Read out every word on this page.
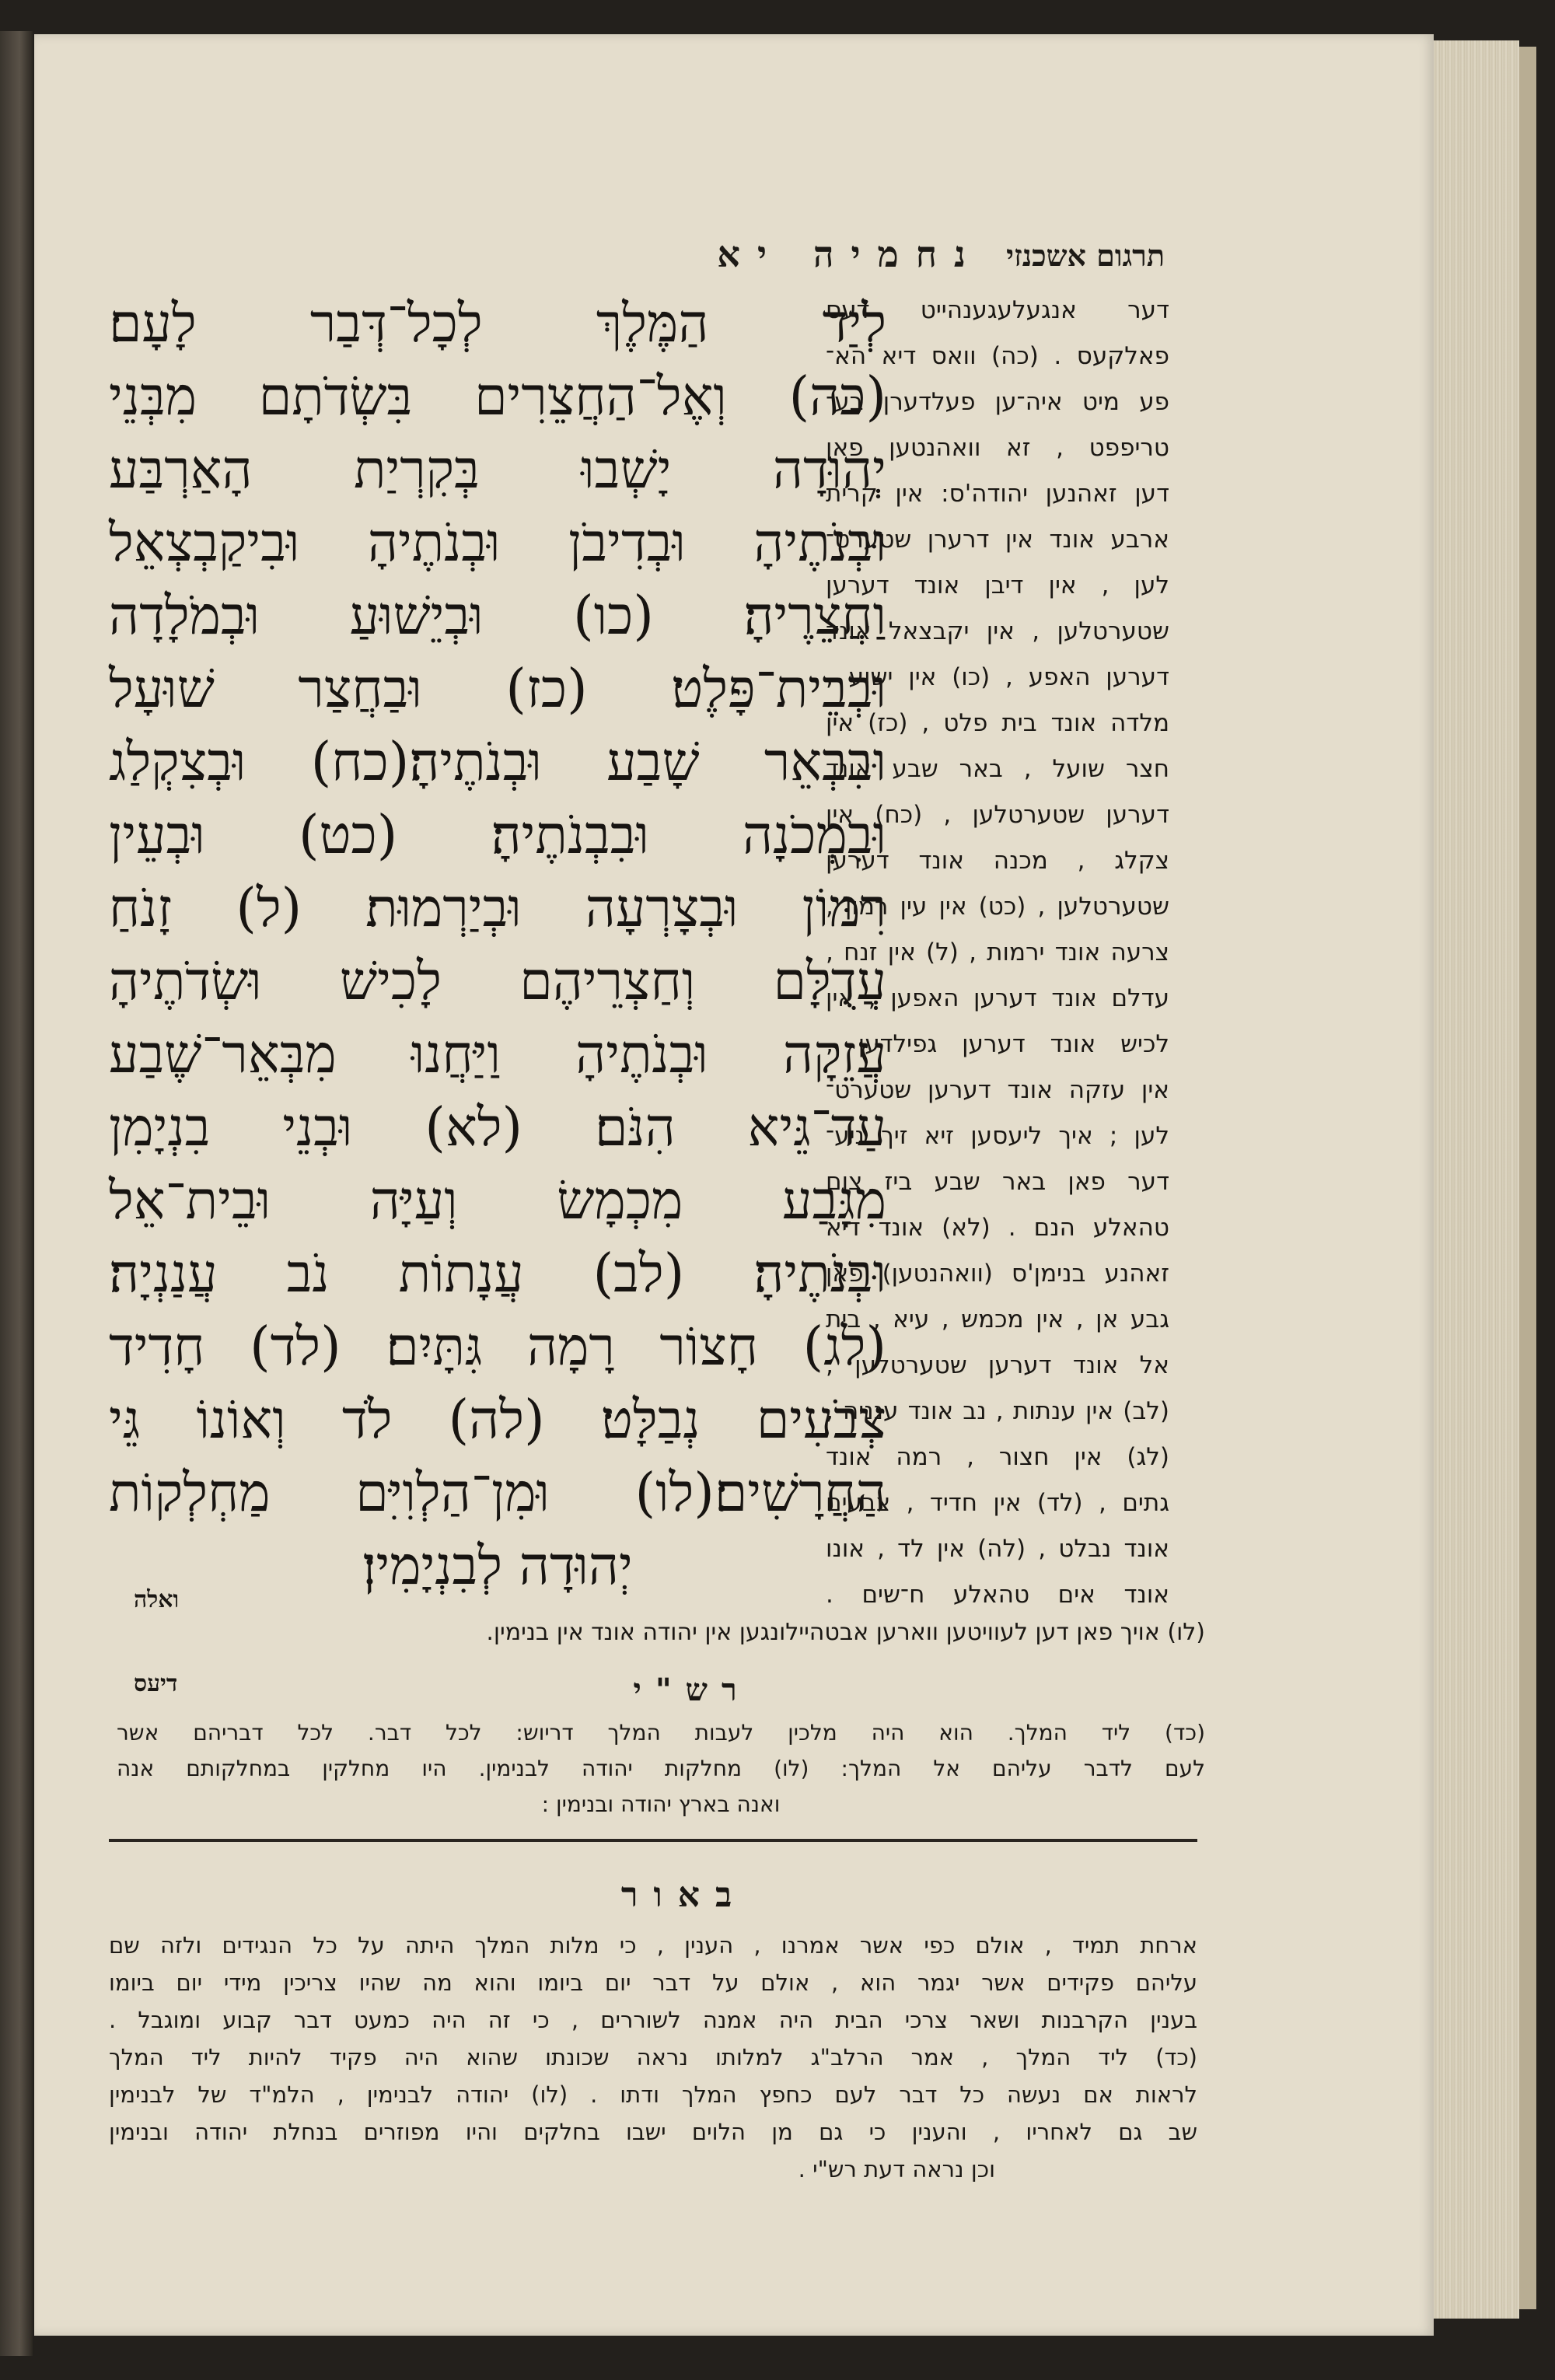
נחמיה יא תרגום אשכנזי
לְיַד הַמֶּלֶךְ לְכָל־דְּבַר לָעָם׃
(כה) וְאֶל־הַחֲצֵרִים בִּשְׂדֹתָם מִבְּנֵי
יְהוּדָה יָשְׁבוּ בְּקִרְיַת הָאַרְבַּע
וּבְנֹתֶיהָ וּבְדִיבֹן וּבְנֹתֶיהָ וּבִיקַבְצְאֵל
וַחֲצֵרֶיהָ׃ (כו) וּבְיֵשׁוּעַ וּבְמֹלָדָה
וּבְבֵית־פָּלֶט׃ (כז) וּבַחֲצַר שׁוּעָל
וּבִבְאֵר שָׁבַע וּבְנֹתֶיהָ׃(כח) וּבְצִקְלַג
וּבִמְכֹנָה וּבִבְנֹתֶיהָ׃ (כט) וּבְעֵין
רִמּוֹן וּבְצָרְעָה וּבְיַרְמוּת׃ (ל) זָנֹחַ
עֲדֻלָּם וְחַצְרֵיהֶם לָכִישׁ וּשְׂדֹתֶיהָ
עֲזֵקָה וּבְנֹתֶיהָ וַיַּחֲנוּ מִבְּאֵר־שֶׁבַע
עַד־גֵּיא הִנֹּם׃ (לא) וּבְנֵי בִנְיָמִן
מִגָּבַע מִכְמָשׂ וְעַיָּה וּבֵית־אֵל
וּבְנֹתֶיהָ׃ (לב) עֲנָתוֹת נֹב עֲנַנְיָה׃
(לג) חָצוֹר רָמָה גִּתָּיִם׃ (לד) חָדִיד
צְבֹעִים נְבַלָּט׃ (לה) לֹד וְאוֹנוֹ גֵּי
הַחֲרָשִׁים׃(לו) וּמִן־הַלְוִיִּם מַחְלְקוֹת
יְהוּדָה לְבִנְיָמִין׃
דער אנגעלעגענהייט דעס
פאלקעס . (כה) וואס דיא הא־
פע מיט איה־ען פעלדערן בע־
טריפפט , זא וואהנטען פאן
דען זאהנען יהודה'ס: אין קרית
ארבע אונד אין דרערן שטערט־
לען , אין דיבן אונד דערען
שטערטלען , אין יקבצאל אונד
דערען האפע , (כו) אין ישוע ,
מלדה אונד בית פלט , (כז) אין
חצר שועל , באר שבע אונד
דערען שטערטלען , (כח) אין
צקלג , מכנה אונד דערען
שטערטלען , (כט) אין עין רמון ,
צרעה אונד ירמות , (ל) אין זנח ,
עדלם אונד דערען האפען , אין
לכיש אונד דערען גפילדען ,
אין עזקה אונד דערען שטערט־
לען ; איך ליעסען זיא זיך ניע־
דער פאן באר שבע ביז צום
טהאלע הנם . (לא) אונד דיא
זאהנע בנימן'ס (וואהנטען) פאן
גבע אן , אין מכמש , עיא , בית
אל אונד דערען שטערטלען ,
(לב) אין ענתות , נב אונד ענניה ,
(לג) אין חצור , רמה אונד
גתים , (לד) אין חדיד , צבעים
אונד נבלט , (לה) אין לד , אונו
אונד אים טהאלע ח־שים .
ואלה
(לו) אויך פאן דען לעוויטען ווארען אבטהיילונגען אין יהודה אונד אין בנימין.
דיעס	רש"י
(כד) ליד המלך. הוא היה מלכין לעבות המלך דריוש: לכל דבר. לכל דבריהם אשר
לעם לדבר עליהם אל המלך: (לו) מחלקות יהודה לבנימין. היו מחלקין במחלקותם אנה
ואנה בארץ יהודה ובנימין :
באור
ארחת תמיד , אולם כפי אשר אמרנו , הענין , כי מלות המלך היתה על כל הנגידים ולזה שם
עליהם פקידים אשר יגמר הוא , אולם על דבר יום ביומו והוא מה שהיו צריכין מידי יום ביומו
בענין הקרבנות ושאר צרכי הבית היה אמנה לשוררים , כי זה היה כמעט דבר קבוע ומוגבל .
(כד) ליד המלך , אמר הרלב"ג למלותו נראה שכונתו שהוא היה פקיד להיות ליד המלך
לראות אם נעשה כל דבר לעם כחפץ המלך ודתו . (לו) יהודה לבנימין , הלמ"ד של לבנימין
שב גם לאחריו , והענין כי גם מן הלוים ישבו בחלקים והיו מפוזרים בנחלת יהודה ובנימין
וכן נראה דעת רש"י .
